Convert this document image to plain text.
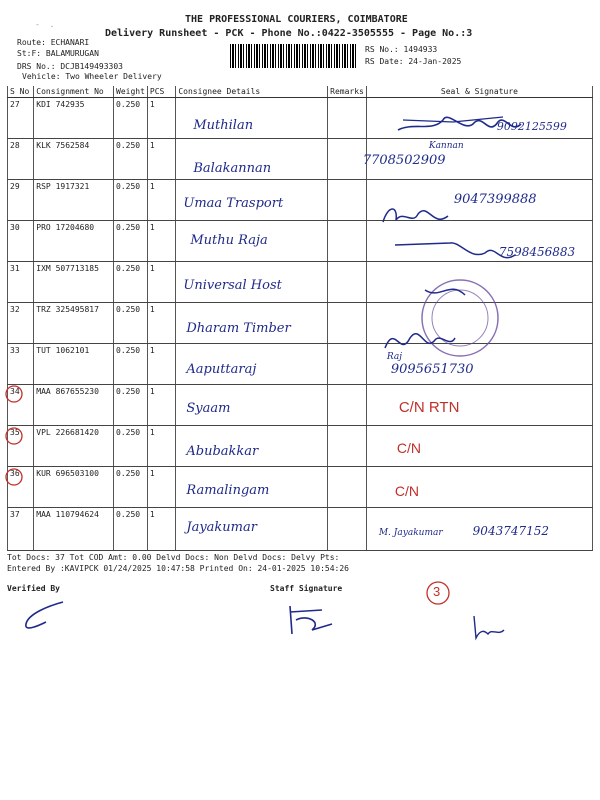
-  .	THE PROFESSIONAL COURIERS, COIMBATORE
Delivery Runsheet - PCK - Phone No.:0422-3505555 - Page No.:3
Route: ECHANARI
St:F: BALAMURUGAN
DRS No.: DCJB149493303
Vehicle: Two Wheeler Delivery
RS No.: 1494933
RS Date: 24-Jan-2025
S No	Consignment No	Weight	PCS	Consignee Details	Remarks	Seal & Signature
27	KDI 742935	0.250	1	Muthilan		9092125599

28	KLK 7562584	0.250	1	Balakannan		Kannan
7708502909

29	RSP 1917321	0.250	1	Umaa Trasport		9047399888

30	PRO 17204680	0.250	1	Muthu Raja		7598456883

31	IXM 507713185	0.250	1	Universal Host		

32	TRZ 325495817	0.250	1	Dharam Timber		

33	TUT 1062101	0.250	1	Aaputtaraj		Raj
9095651730

34	MAA 867655230	0.250	1	Syaam		C/N RTN

35	VPL 226681420	0.250	1	Abubakkar		C/N

36	KUR 696503100	0.250	1	Ramalingam		C/N

37	MAA 110794624	0.250	1	Jayakumar		M. Jayakumar 9043747152
Tot Docs: 37 Tot COD Amt: 0.00 Delvd Docs: Non Delvd Docs: Delvy Pts:
Entered By :KAVIPCK 01/24/2025 10:47:58 Printed On: 24-01-2025 10:54:26
Verified By	Staff Signature	3
